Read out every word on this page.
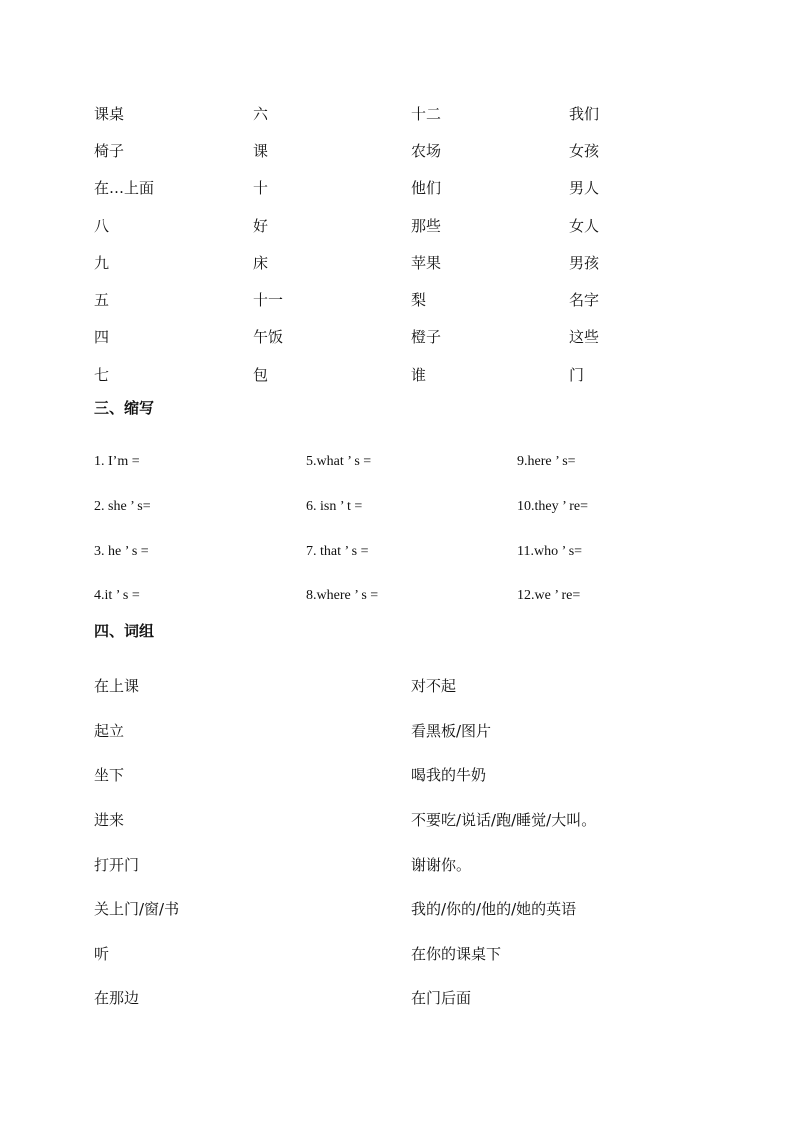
课桌	六	十二	我们
椅子	课	农场	女孩
在…上面	十	他们	男人
八	好	那些	女人
九	床	苹果	男孩
五	十一	梨	名字
四	午饭	橙子	这些
七	包	谁	门
三、缩写
1. I’m =	5.what ’ s =	9.here ’ s=
2. she ’ s=	6. isn ’ t =	10.they ’ re=
3. he ’ s =	7. that ’ s =	11.who ’ s=
4.it ’ s =	8.where ’ s =	12.we ’ re=
四、词组
在上课	对不起
起立	看黑板/图片
坐下	喝我的牛奶
进来	不要吃/说话/跑/睡觉/大叫。
打开门	谢谢你。
关上门/窗/书	我的/你的/他的/她的英语
听	在你的课桌下
在那边	在门后面
